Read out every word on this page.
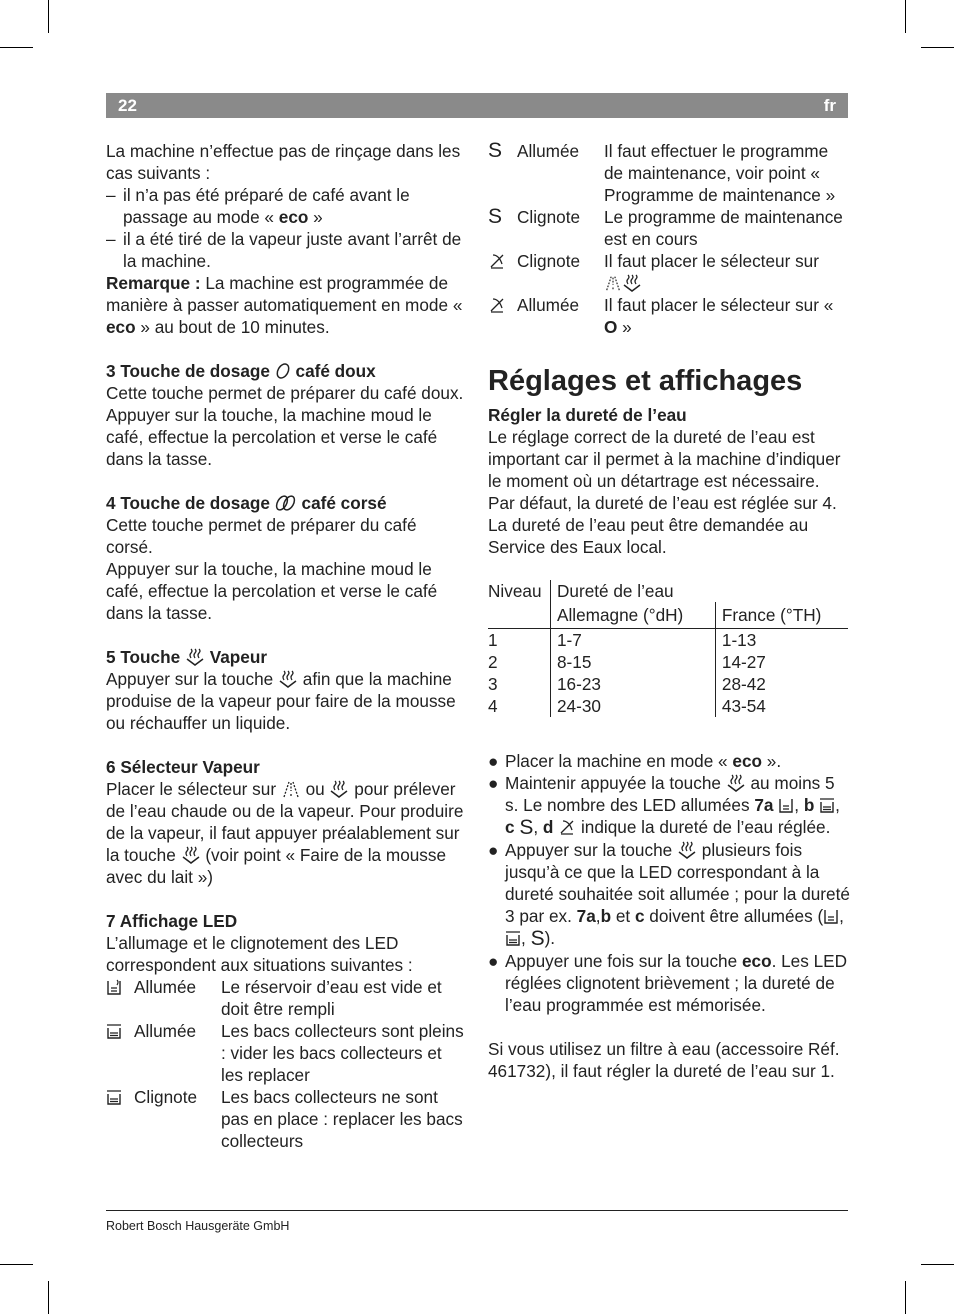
22	fr

La machine n’effectue pas de rinçage dans les cas suivants :

– il n’a pas été préparé de café avant le passage au mode « eco »
– il a été tiré de la vapeur juste avant l’arrêt de la machine.

Remarque : La machine est programmée de manière à passer automatiquement en mode « eco » au bout de 10 minutes.

3 Touche de dosage  café doux

Cette touche permet de préparer du café doux.

Appuyer sur la touche, la machine moud le café, effectue la percolation et verse le café dans la tasse.

4 Touche de dosage  café corsé

Cette touche permet de préparer du café corsé.

Appuyer sur la touche, la machine moud le café, effectue la percolation et verse le café dans la tasse.

5 Touche  Vapeur

Appuyer sur la touche  afin que la machine produise de la vapeur pour faire de la mousse ou réchauffer un liquide.

6 Sélecteur Vapeur

Placer le sélecteur sur  ou  pour prélever de l’eau chaude ou de la vapeur. Pour produire de la vapeur, il faut appuyer préalablement sur la touche  (voir point « Faire de la mousse avec du lait »)

7 Affichage LED

L’allumage et le clignotement des LED correspondent aux situations suivantes :

Allumée	Le réservoir d’eau est vide et doit être rempli
Allumée	Les bacs collecteurs sont pleins : vider les bacs collecteurs et les replacer
Clignote	Les bacs collecteurs ne sont pas en place : replacer les bacs collecteurs
S Allumée	Il faut effectuer le programme de maintenance, voir point « Programme de maintenance »
S Clignote	Le programme de maintenance est en cours
Clignote	Il faut placer le sélecteur sur

Allumée	Il faut placer le sélecteur sur « O »
Réglages et affichages

Régler la dureté de l’eau

Le réglage correct de la dureté de l’eau est important car il permet à la machine d’indiquer le moment où un détartrage est nécessaire. Par défaut, la dureté de l’eau est réglée sur 4.

La dureté de l’eau peut être demandée au Service des Eaux local.

Niveau	Dureté de l’eau	
	Allemagne (°dH)	France (°TH)
1	1-7	1-13
2	8-15	14-27
3	16-23	28-42
4	24-30	43-54
● Placer la machine en mode « eco ».
● Maintenir appuyée la touche  au moins 5 s. Le nombre des LED allumées 7a , b , c S, d  indique la dureté de l’eau réglée.
● Appuyer sur la touche  plusieurs fois jusqu’à ce que la LED correspondant à la dureté souhaitée soit allumée ; pour la dureté 3 par ex. 7a,b et c doivent être allumées ( , , S).
● Appuyer une fois sur la touche eco. Les LED réglées clignotent brièvement ; la dureté de l’eau programmée est mémorisée.

Si vous utilisez un filtre à eau (accessoire Réf. 461732), il faut régler la dureté de l’eau sur 1.

Robert Bosch Hausgeräte GmbH
